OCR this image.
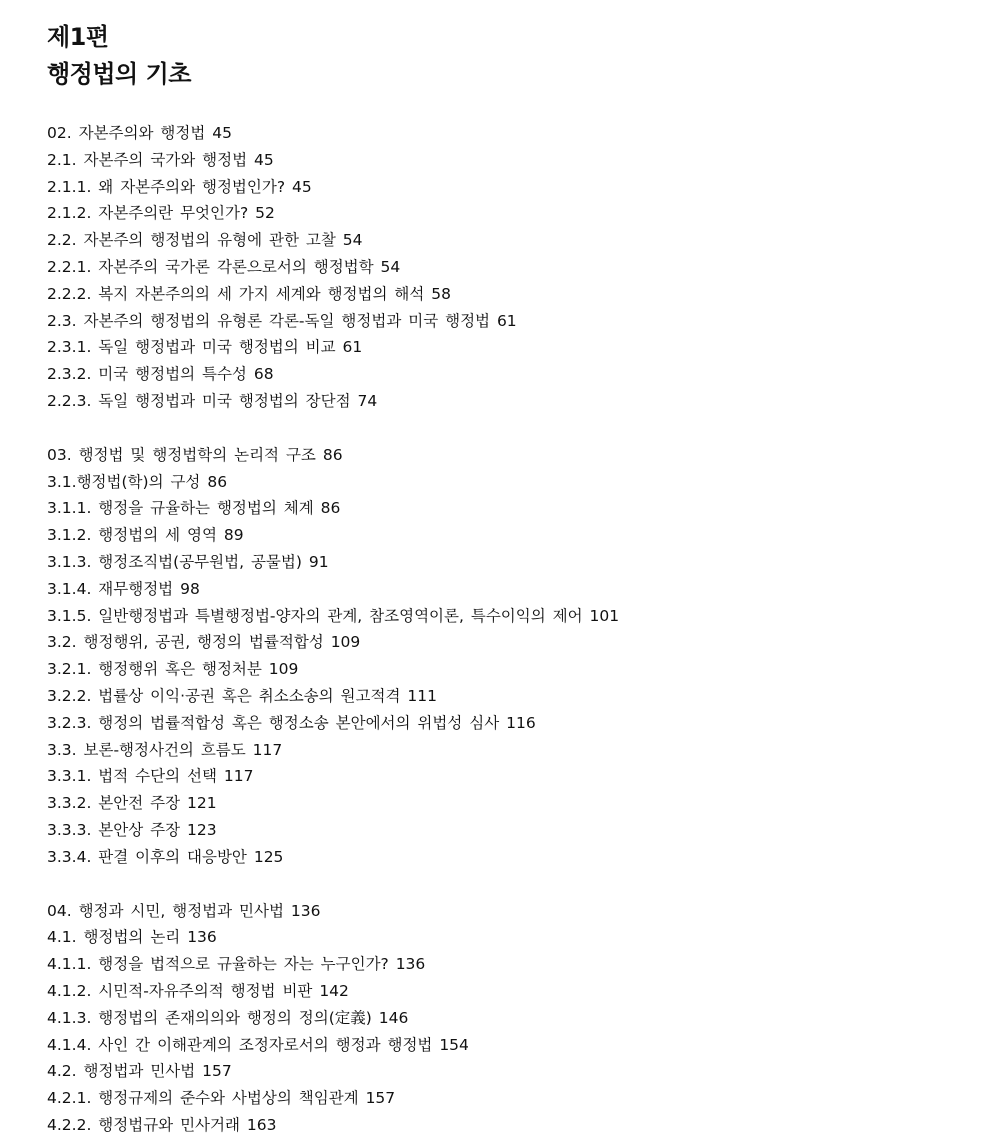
제1편
행정법의 기초
02. 자본주의와 행정법 45
2.1. 자본주의 국가와 행정법 45
2.1.1. 왜 자본주의와 행정법인가? 45
2.1.2. 자본주의란 무엇인가? 52
2.2. 자본주의 행정법의 유형에 관한 고찰 54
2.2.1. 자본주의 국가론 각론으로서의 행정법학 54
2.2.2. 복지 자본주의의 세 가지 세계와 행정법의 해석 58
2.3. 자본주의 행정법의 유형론 각론-독일 행정법과 미국 행정법 61
2.3.1. 독일 행정법과 미국 행정법의 비교 61
2.3.2. 미국 행정법의 특수성 68
2.2.3. 독일 행정법과 미국 행정법의 장단점 74
03. 행정법 및 행정법학의 논리적 구조 86
3.1.행정법(학)의 구성 86
3.1.1. 행정을 규율하는 행정법의 체계 86
3.1.2. 행정법의 세 영역 89
3.1.3. 행정조직법(공무원법, 공물법) 91
3.1.4. 재무행정법 98
3.1.5. 일반행정법과 특별행정법-양자의 관계, 참조영역이론, 특수이익의 제어 101
3.2. 행정행위, 공권, 행정의 법률적합성 109
3.2.1. 행정행위 혹은 행정처분 109
3.2.2. 법률상 이익·공권 혹은 취소소송의 원고적격 111
3.2.3. 행정의 법률적합성 혹은 행정소송 본안에서의 위법성 심사 116
3.3. 보론-행정사건의 흐름도 117
3.3.1. 법적 수단의 선택 117
3.3.2. 본안전 주장 121
3.3.3. 본안상 주장 123
3.3.4. 판결 이후의 대응방안 125
04. 행정과 시민, 행정법과 민사법 136
4.1. 행정법의 논리 136
4.1.1. 행정을 법적으로 규율하는 자는 누구인가? 136
4.1.2. 시민적-자유주의적 행정법 비판 142
4.1.3. 행정법의 존재의의와 행정의 정의(定義) 146
4.1.4. 사인 간 이해관계의 조정자로서의 행정과 행정법 154
4.2. 행정법과 민사법 157
4.2.1. 행정규제의 준수와 사법상의 책임관계 157
4.2.2. 행정법규와 민사거래 163
